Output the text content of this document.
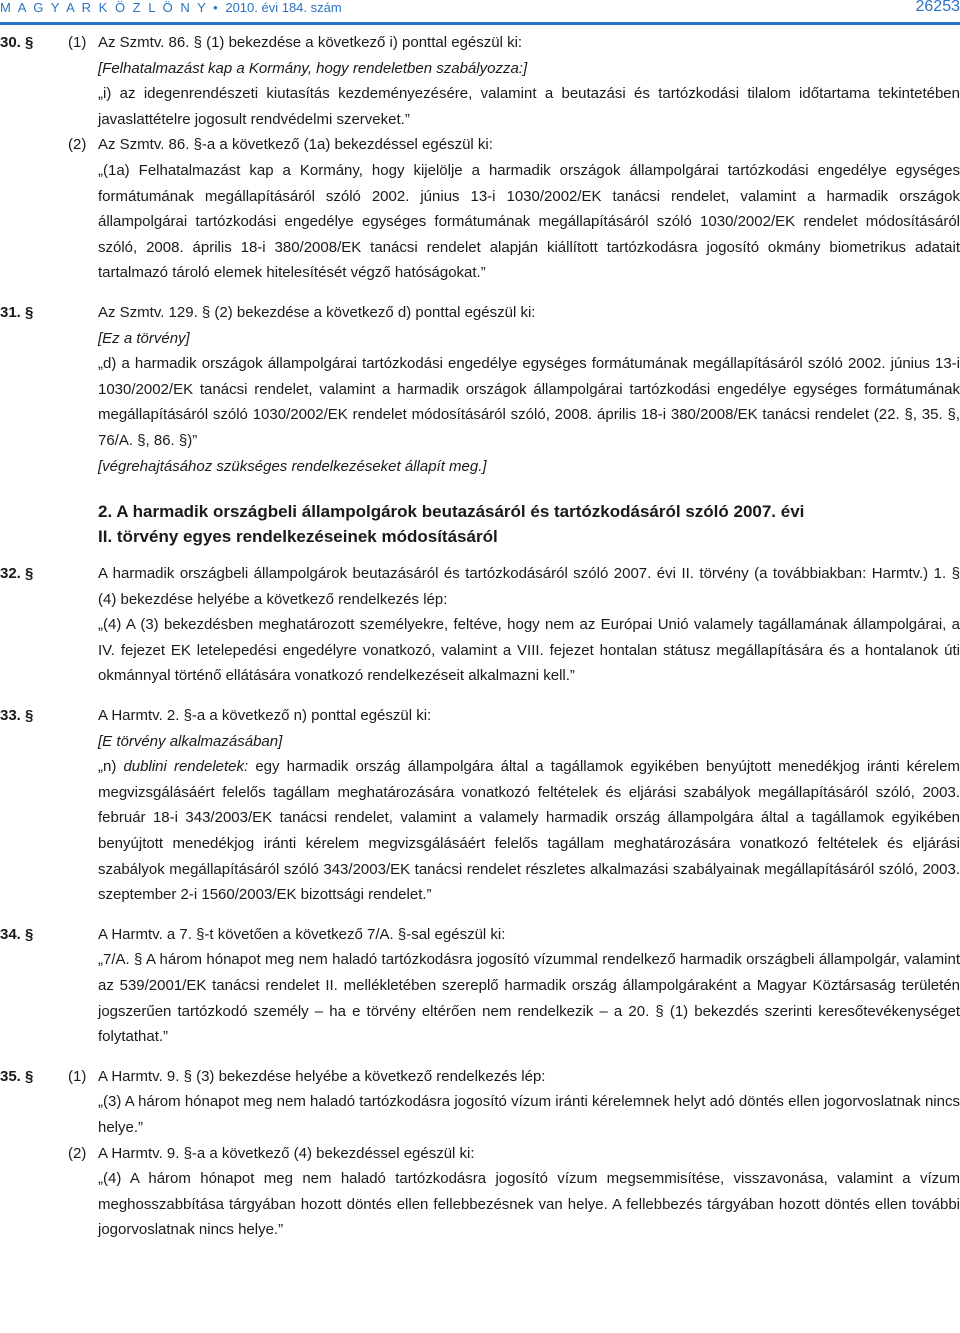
M A G Y A R K Ö Z L Ö N Y • 2010. évi 184. szám	26253
30. §	(1) Az Szmtv. 86. § (1) bekezdése a következő i) ponttal egészül ki:

[Felhatalmazást kap a Kormány, hogy rendeletben szabályozza:]

„i) az idegenrendészeti kiutasítás kezdeményezésére, valamint a beutazási és tartózkodási tilalom időtartama tekintetében javaslattételre jogosult rendvédelmi szerveket.”

(2) Az Szmtv. 86. §-a a következő (1a) bekezdéssel egészül ki:

„(1a) Felhatalmazást kap a Kormány, hogy kijelölje a harmadik országok állampolgárai tartózkodási engedélye egységes formátumának megállapításáról szóló 2002. június 13-i 1030/2002/EK tanácsi rendelet, valamint a harmadik országok állampolgárai tartózkodási engedélye egységes formátumának megállapításáról szóló 1030/2002/EK rendelet módosításáról szóló, 2008. április 18-i 380/2008/EK tanácsi rendelet alapján kiállított tartózkodásra jogosító okmány biometrikus adatait tartalmazó tároló elemek hitelesítését végző hatóságokat.”

31. §	Az Szmtv. 129. § (2) bekezdése a következő d) ponttal egészül ki:

[Ez a törvény]

„d) a harmadik országok állampolgárai tartózkodási engedélye egységes formátumának megállapításáról szóló 2002. június 13-i 1030/2002/EK tanácsi rendelet, valamint a harmadik országok állampolgárai tartózkodási engedélye egységes formátumának megállapításáról szóló 1030/2002/EK rendelet módosításáról szóló, 2008. április 18-i 380/2008/EK tanácsi rendelet (22. §, 35. §, 76/A. §, 86. §)”

[végrehajtásához szükséges rendelkezéseket állapít meg.]

2. A harmadik országbeli állampolgárok beutazásáról és tartózkodásáról szóló 2007. évi II. törvény egyes rendelkezéseinek módosításáról
32. §	A harmadik országbeli állampolgárok beutazásáról és tartózkodásáról szóló 2007. évi II. törvény (a továbbiakban: Harmtv.) 1. § (4) bekezdése helyébe a következő rendelkezés lép:

„(4) A (3) bekezdésben meghatározott személyekre, feltéve, hogy nem az Európai Unió valamely tagállamának állampolgárai, a IV. fejezet EK letelepedési engedélyre vonatkozó, valamint a VIII. fejezet hontalan státusz megállapítására és a hontalanok úti okmánnyal történő ellátására vonatkozó rendelkezéseit alkalmazni kell.”

33. §	A Harmtv. 2. §-a a következő n) ponttal egészül ki:

[E törvény alkalmazásában]

„n) dublini rendeletek: egy harmadik ország állampolgára által a tagállamok egyikében benyújtott menedékjog iránti kérelem megvizsgálásáért felelős tagállam meghatározására vonatkozó feltételek és eljárási szabályok megállapításáról szóló, 2003. február 18-i 343/2003/EK tanácsi rendelet, valamint a valamely harmadik ország állampolgára által a tagállamok egyikében benyújtott menedékjog iránti kérelem megvizsgálásáért felelős tagállam meghatározására vonatkozó feltételek és eljárási szabályok megállapításáról szóló 343/2003/EK tanácsi rendelet részletes alkalmazási szabályainak megállapításáról szóló, 2003. szeptember 2-i 1560/2003/EK bizottsági rendelet.”

34. §	A Harmtv. a 7. §-t követően a következő 7/A. §-sal egészül ki:

„7/A. § A három hónapot meg nem haladó tartózkodásra jogosító vízummal rendelkező harmadik országbeli állampolgár, valamint az 539/2001/EK tanácsi rendelet II. mellékletében szereplő harmadik ország állampolgáraként a Magyar Köztársaság területén jogszerűen tartózkodó személy – ha e törvény eltérően nem rendelkezik – a 20. § (1) bekezdés szerinti keresőtevékenységet folytathat.”

35. §	(1) A Harmtv. 9. § (3) bekezdése helyébe a következő rendelkezés lép:

„(3) A három hónapot meg nem haladó tartózkodásra jogosító vízum iránti kérelemnek helyt adó döntés ellen jogorvoslatnak nincs helye.”

(2) A Harmtv. 9. §-a a következő (4) bekezdéssel egészül ki:

„(4) A három hónapot meg nem haladó tartózkodásra jogosító vízum megsemmisítése, visszavonása, valamint a vízum meghosszabbítása tárgyában hozott döntés ellen fellebbezésnek van helye. A fellebbezés tárgyában hozott döntés ellen további jogorvoslatnak nincs helye.”
